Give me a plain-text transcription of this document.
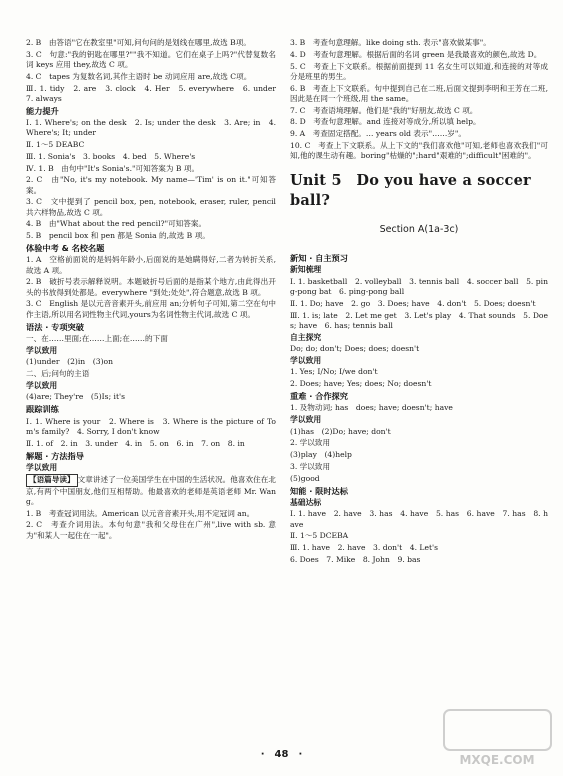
2. B　由答语"它在教室里"可知,问句问的是划线在哪里,故选 B项。

3. C　句意:"我的钥匙在哪里?""我不知道。它们在桌子上吗?"代替复数名词 keys 应用 they,故选 C 项。

4. C　tapes 为复数名词,其作主语时 be 动词应用 are,故选 C项。

Ⅲ. 1. tidy　2. are　3. clock　4. Her　5. everywhere　6. under　7. always

能力提升

Ⅰ. 1. Where's; on the desk　2. Is; under the desk　3. Are; in　4. Where's; It; under

Ⅱ. 1～5 DEABC

Ⅲ. 1. Sonia's　3. books　4. bed　5. Where's

Ⅳ. 1. B　由句中"It's Sonia's."可知答案为 B 项。

2. C　由"No, it's my notebook. My name—'Tim' is on it."可知答案。

3. C　文中提到了 pencil box, pen, notebook, eraser, ruler, pencil 共六样物品,故选 C 项。

4. B　由"What about the red pencil?"可知答案。

5. B　pencil box 和 pen 都是 Sonia 的,故选 B 项。

体验中考 & 名校名题

1. A　空格前面说的是妈妈年龄小,后面说的是她瞒得好,二者为转折关系,故选 A 项。

2. B　破折号表示解释说明。本题破折号后面的是指某个地方,由此得出开头的书放得到处都是。everywhere "到处;处处",符合题意,故选 B 项。

3. C　English 是以元音音素开头,前应用 an;分析句子可知,第二空在句中作主语,所以用名词性物主代词,yours为名词性物主代词,故选 C 项。

语法 · 专项突破

一、在……里面;在……上面;在……的下面

学以致用

(1)under　(2)in　(3)on

二、后;问句的主语

学以致用

(4)are; They're　(5)Is; it's

跟踪训练

Ⅰ. 1. Where is your　2. Where is　3. Where is the picture of Tom's family?　4. Sorry, I don't know

Ⅱ. 1. of　2. in　3. under　4. in　5. on　6. in　7. on　8. in

解题 · 方法指导
学以致用

【语篇导读】 文章讲述了一位美国学生在中国的生活状况。他喜欢住在北京,有两个中国朋友,他们互相帮助。他最喜欢的老师是英语老师 Mr. Wang。

1. B　考查冠词用法。American 以元音音素开头,用不定冠词 an。

2. C　考查介词用法。本句句意"我和父母住在广州",live with sb. 意为"和某人一起住在一起"。

3. B　考查句意理解。like doing sth. 表示"喜欢做某事"。

4. D　考查句意理解。根据后面的名词 green 是我最喜欢的颜色,故选 D。

5. C　考查上下文联系。根据前面提到 11 名女生可以知道,和连接的对等成分是班里的男生。

6. B　考查上下文联系。句中提到自己在二班,后面文提到李明和王芳在二班,因此是在同一个班级,用 the same。

7. C　考查语境理解。他们是"我的"好朋友,故选 C 项。

8. D　考查句意理解。and 连接对等成分,所以填 help。

9. A　考查固定搭配。… years old 表示"……岁"。

10. C　考查上下文联系。从上下文的"我们喜欢他"可知,老师也喜欢我们"可知,他的课生动有趣。boring"枯燥的";hard"艰难的";difficult"困难的"。

Unit 5　Do you have a soccer ball?
Section A(1a-3c)
新知 · 自主预习
新知梳理

Ⅰ. 1. basketball　2. volleyball　3. tennis ball　4. soccer ball　5. ping-pong bat　6. ping-pong ball

Ⅱ. 1. Do; have　2. go　3. Does; have　4. don't　5. Does; doesn't

Ⅲ. 1. is; late　2. Let me get　3. Let's play　4. That sounds　5. Does; have　6. has; tennis ball

自主探究

Do; do; don't; Does; does; doesn't

学以致用

1. Yes; I/No; I/we don't

2. Does; have; Yes; does; No; doesn't

重难 · 合作探究

1. 及物动词; has　does; have; doesn't; have

学以致用

(1)has　(2)Do; have; don't

2. 学以致用

(3)play　(4)help

3. 学以致用

(5)good

知能 · 限时达标
基础达标

Ⅰ. 1. have　2. have　3. has　4. have　5. has　6. have　7. has　8. have

Ⅱ. 1～5 DCEBA

Ⅲ. 1. have　2. have　3. don't　4. Let's

6. Does　7. Mike　8. John　9. bas

·　48　·	MXQE.COM
